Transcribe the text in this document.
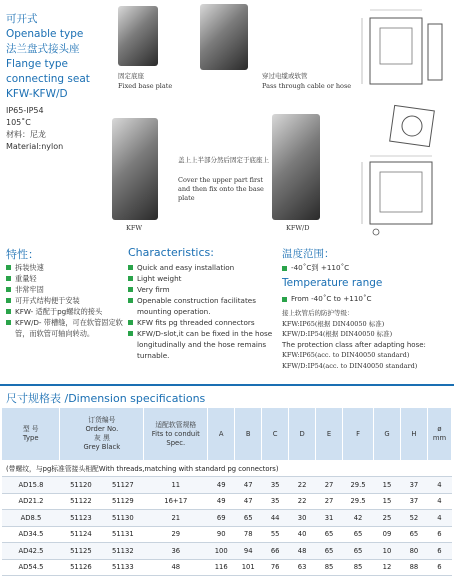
可开式
Openable type
法兰盘式接头座
Flange type
connecting seat
KFW-KFW/D
IP65-IP54
105˚C
材料：尼龙
Material:nylon
固定底座
Fixed base plate
穿过电缆或软管
Pass through cable or hose
盖上上半部分然后固定于底座上
Cover the upper part first and then fix onto the base plate
KFW	KFW/D
特性：
拆装快速
重量轻
非常牢固
可开式结构便于安装
KFW- 适配于pg螺纹的接头
KFW/D- 带槽缝，可在软管固定软管，而软管可轴向转动。
Characteristics:
Quick and easy installation
Light weight
Very firm
Openable construction facilitates mounting operation.
KFW fits pg threaded connectors
KFW/D-slot,it can be fixed in the hose longitudinally and the hose remains turnable.
温度范围：
-40˚C到 +110˚C
Temperature range
From -40˚C to +110˚C
接上软管后的防护等级：
KFW:IP65(根据 DIN40050 标准)
KFW/D:IP54(根据 DIN40050 标准)
The protection class after adapting hose:
KFW:IP65(acc. to DIN40050 standard)
KFW/D:IP54(acc. to DIN40050 standard)
尺寸规格表 /Dimension specifications
型 号
Type	订货编号
Order No.
灰 黑
Grey Black		适配软管规格
Fits to conduit
Spec.	A	B	C	D	E	F	G	H	ø
mm
(带螺纹，与pg标准管接头相配With threads,matching with standard pg connectors)												
AD15.8	51120	51127	11	49	47	35	22	27	29.5	15	37	4
AD21.2	51122	51129	16+17	49	47	35	22	27	29.5	15	37	4
AD8.5	51123	51130	21	69	65	44	30	31	42	25	52	4
AD34.5	51124	51131	29	90	78	55	40	65	65	09	65	6
AD42.5	51125	51132	36	100	94	66	48	65	65	10	80	6
AD54.5	51126	51133	48	116	101	76	63	85	85	12	88	6
